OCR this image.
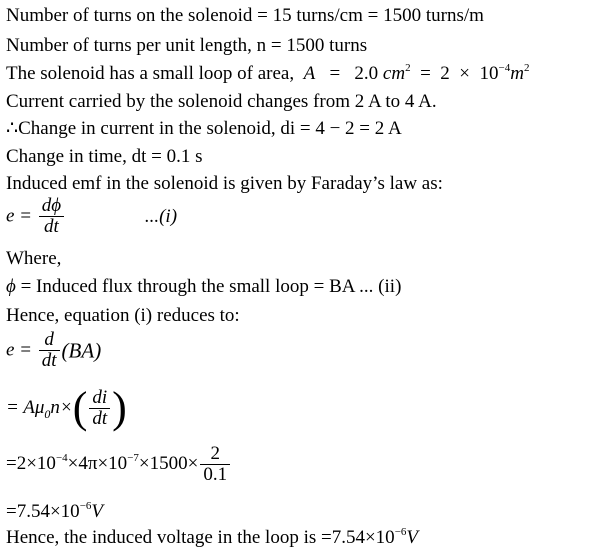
Number of turns on the solenoid = 15 turns/cm = 1500 turns/m
Number of turns per unit length, n = 1500 turns
The solenoid has a small loop of area, A = 2.0 $cm^2 = 2 \times 10^{-4}m^2$
Current carried by the solenoid changes from 2 A to 4 A.
∴Change in current in the solenoid, di = 4 − 2 = 2 A
Change in time, dt = 0.1 s
Induced emf in the solenoid is given by Faraday’s law as:
$e = \frac{d\phi}{dt}$	...(i)
Where,
ϕ = Induced flux through the small loop = BA ... (ii)
Hence, equation (i) reduces to:
$e = \frac{d}{dt} (BA)$
= $A\mu_0n\times( \frac{di}{dt}$ )
$=2\times 10^{-4}\times 4\pi\times 10^{-7}\times 1500\times \frac{2}{0.1}$
$=7.54\times 10^{-6}V$
Hence, the induced voltage in the loop is $=7.54\times 10^{-6}V$
